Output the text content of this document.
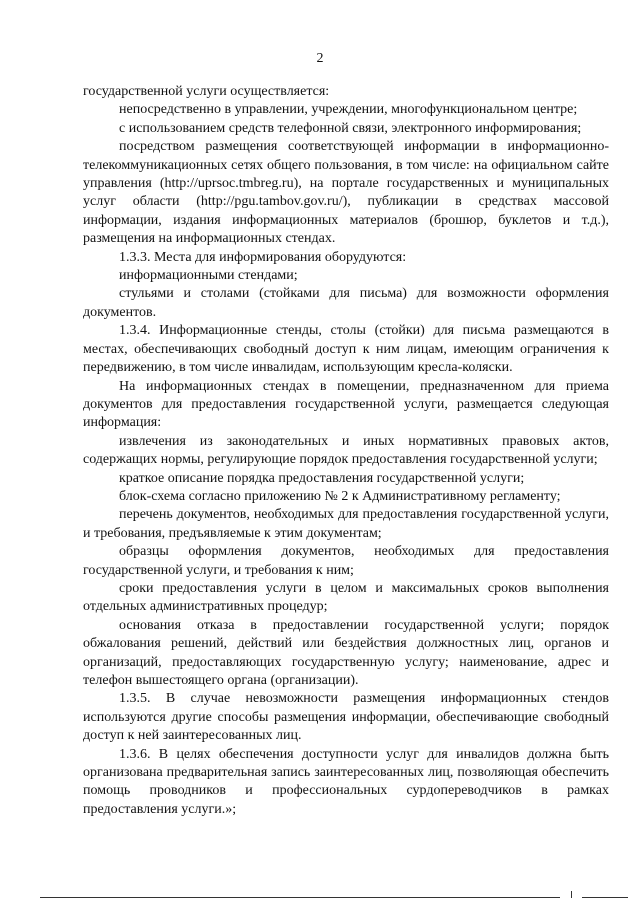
2

государственной услуги осуществляется:

непосредственно в управлении, учреждении, многофункциональном центре;

с использованием средств телефонной связи, электронного информирования;

посредством размещения соответствующей информации в информационно-телекоммуникационных сетях общего пользования, в том числе: на официальном сайте управления (http://uprsoc.tmbreg.ru), на портале государственных и муниципальных услуг области (http://pgu.tambov.gov.ru/), публикации в средствах массовой информации, издания информационных материалов (брошюр, буклетов и т.д.), размещения на информационных стендах.

1.3.3. Места для информирования оборудуются:

информационными стендами;

стульями и столами (стойками для письма) для возможности оформления документов.

1.3.4. Информационные стенды, столы (стойки) для письма размещаются в местах, обеспечивающих свободный доступ к ним лицам, имеющим ограничения к передвижению, в том числе инвалидам, использующим кресла-коляски.

На информационных стендах в помещении, предназначенном для приема документов для предоставления государственной услуги, размещается следующая информация:

извлечения из законодательных и иных нормативных правовых актов, содержащих нормы, регулирующие порядок предоставления государственной услуги;

краткое описание порядка предоставления государственной услуги;

блок-схема согласно приложению № 2 к Административному регламенту;

перечень документов, необходимых для предоставления государственной услуги, и требования, предъявляемые к этим документам;

образцы оформления документов, необходимых для предоставления государственной услуги, и требования к ним;

сроки предоставления услуги в целом и максимальных сроков выполнения отдельных административных процедур;

основания отказа в предоставлении государственной услуги; порядок обжалования решений, действий или бездействия должностных лиц, органов и организаций, предоставляющих государственную услугу; наименование, адрес и телефон вышестоящего органа (организации).

1.3.5. В случае невозможности размещения информационных стендов используются другие способы размещения информации, обеспечивающие свободный доступ к ней заинтересованных лиц.

1.3.6. В целях обеспечения доступности услуг для инвалидов должна быть организована предварительная запись заинтересованных лиц, позволяющая обеспечить помощь проводников и профессиональных сурдопереводчиков в рамках предоставления услуги.»;
